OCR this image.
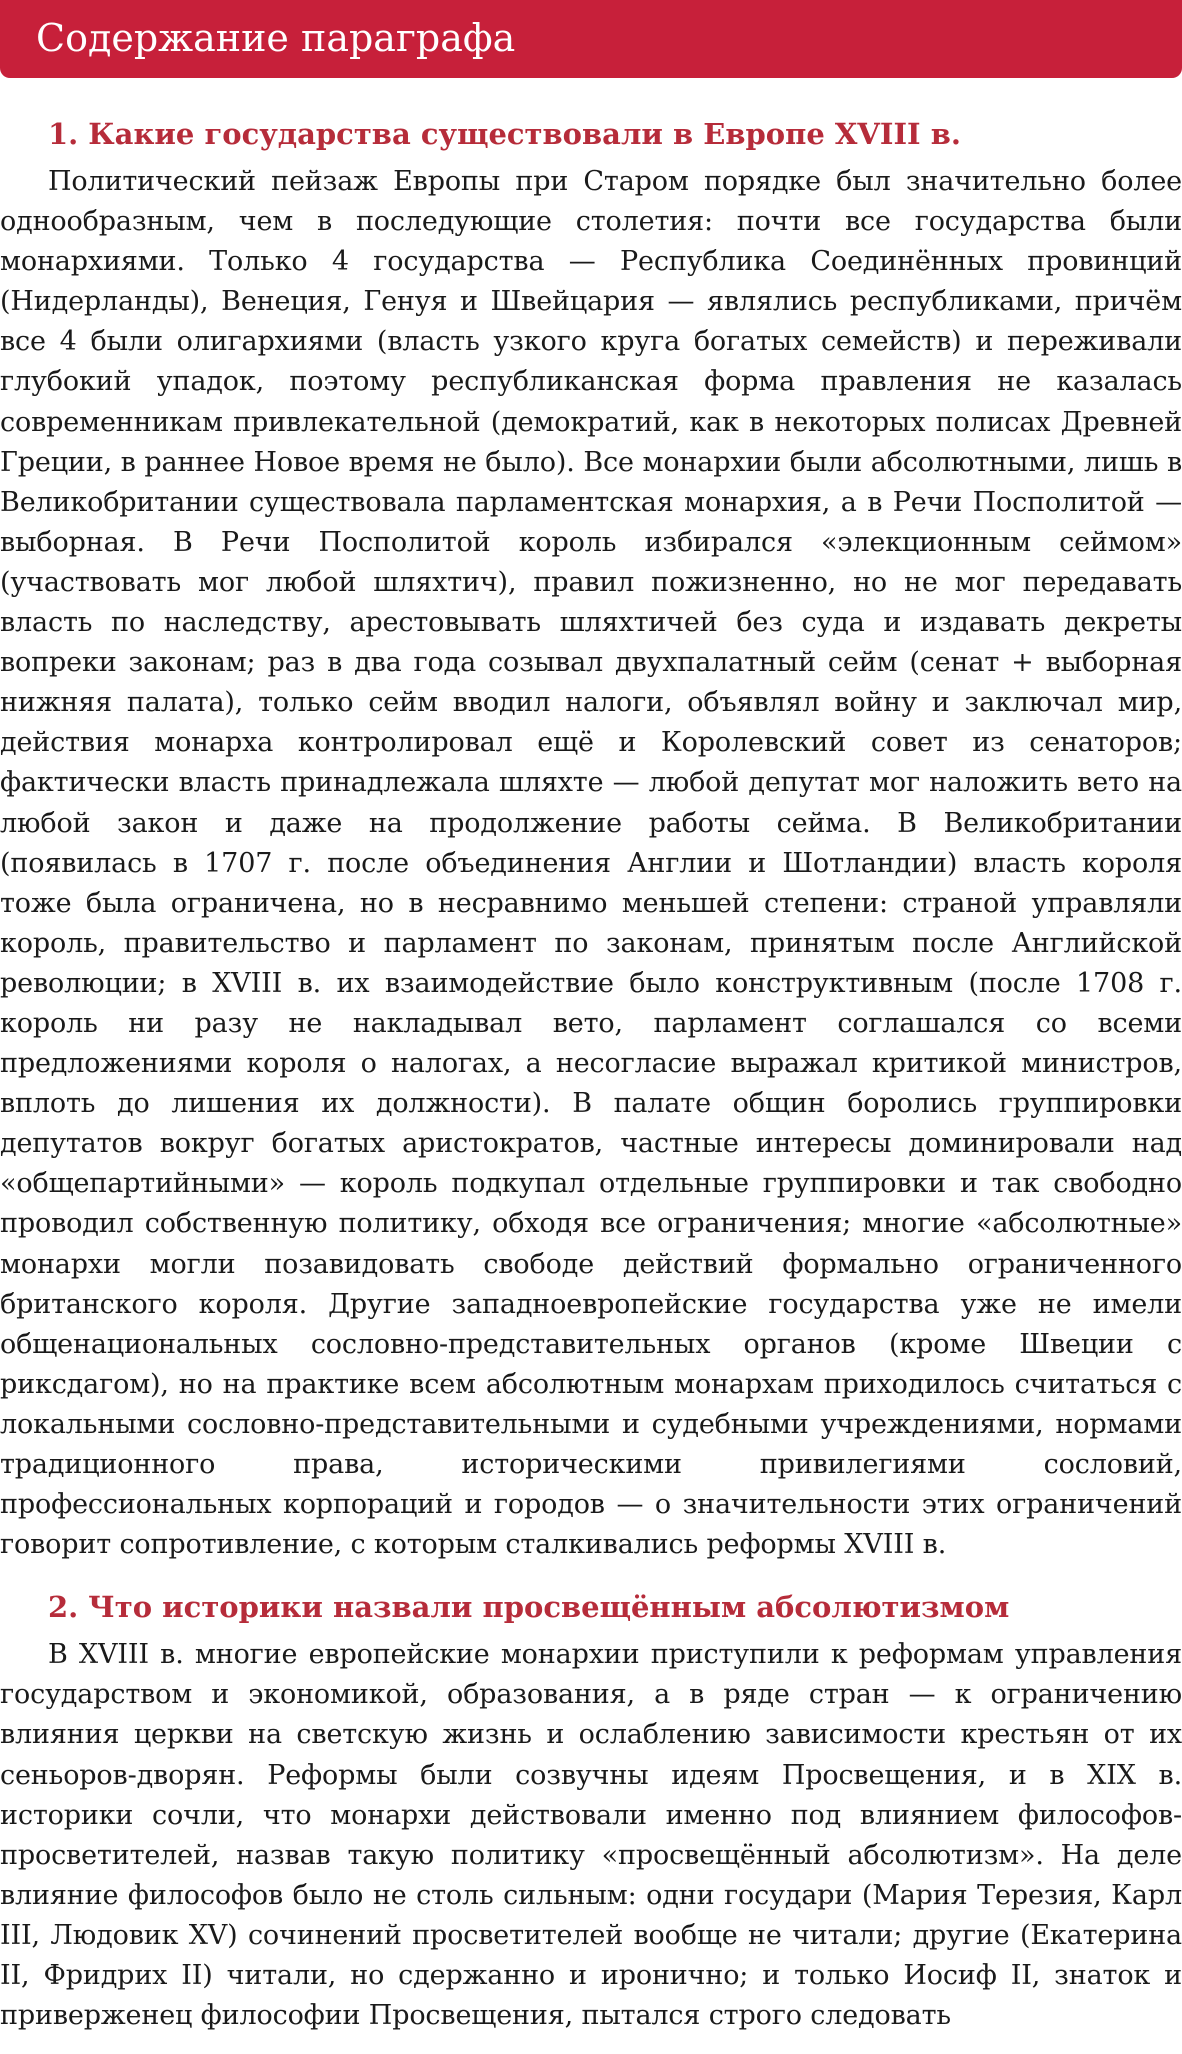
Содержание параграфа
1. Какие государства существовали в Европе XVIII в.

Политический пейзаж Европы при Старом порядке был значительно более однообразным, чем в последующие столетия: почти все государства были монархиями. Только 4 государства — Республика Соединённых провинций (Нидерланды), Венеция, Генуя и Швейцария — являлись республиками, причём все 4 были олигархиями (власть узкого круга богатых семейств) и переживали глубокий упадок, поэтому республиканская форма правления не казалась современникам привлекательной (демократий, как в некоторых полисах Древней Греции, в раннее Новое время не было). Все монархии были абсолютными, лишь в Великобритании существовала парламентская монархия, а в Речи Посполитой — выборная. В Речи Посполитой король избирался «элекционным сеймом» (участвовать мог любой шляхтич), правил пожизненно, но не мог передавать власть по наследству, арестовывать шляхтичей без суда и издавать декреты вопреки законам; раз в два года созывал двухпалатный сейм (сенат + выборная нижняя палата), только сейм вводил налоги, объявлял войну и заключал мир, действия монарха контролировал ещё и Королевский совет из сенаторов; фактически власть принадлежала шляхте — любой депутат мог наложить вето на любой закон и даже на продолжение работы сейма. В Великобритании (появилась в 1707 г. после объединения Англии и Шотландии) власть короля тоже была ограничена, но в несравнимо меньшей степени: страной управляли король, правительство и парламент по законам, принятым после Английской революции; в XVIII в. их взаимодействие было конструктивным (после 1708 г. король ни разу не накладывал вето, парламент соглашался со всеми предложениями короля о налогах, а несогласие выражал критикой министров, вплоть до лишения их должности). В палате общин боролись группировки депутатов вокруг богатых аристократов, частные интересы доминировали над «общепартийными» — король подкупал отдельные группировки и так свободно проводил собственную политику, обходя все ограничения; многие «абсолютные» монархи могли позавидовать свободе действий формально ограниченного британского короля. Другие западноевропейские государства уже не имели общенациональных сословно-представительных органов (кроме Швеции с риксдагом), но на практике всем абсолютным монархам приходилось считаться с локальными сословно-представительными и судебными учреждениями, нормами традиционного права, историческими привилегиями сословий, профессиональных корпораций и городов — о значительности этих ограничений говорит сопротивление, с которым сталкивались реформы XVIII в.

2. Что историки назвали просвещённым абсолютизмом

В XVIII в. многие европейские монархии приступили к реформам управления государством и экономикой, образования, а в ряде стран — к ограничению влияния церкви на светскую жизнь и ослаблению зависимости крестьян от их сеньоров-дворян. Реформы были созвучны идеям Просвещения, и в XIX в. историки сочли, что монархи действовали именно под влиянием философов-просветителей, назвав такую политику «просвещённый абсолютизм». На деле влияние философов было не столь сильным: одни государи (Мария Терезия, Карл III, Людовик XV) сочинений просветителей вообще не читали; другие (Екатерина II, Фридрих II) читали, но сдержанно и иронично; и только Иосиф II, знаток и приверженец философии Просвещения, пытался строго следовать
